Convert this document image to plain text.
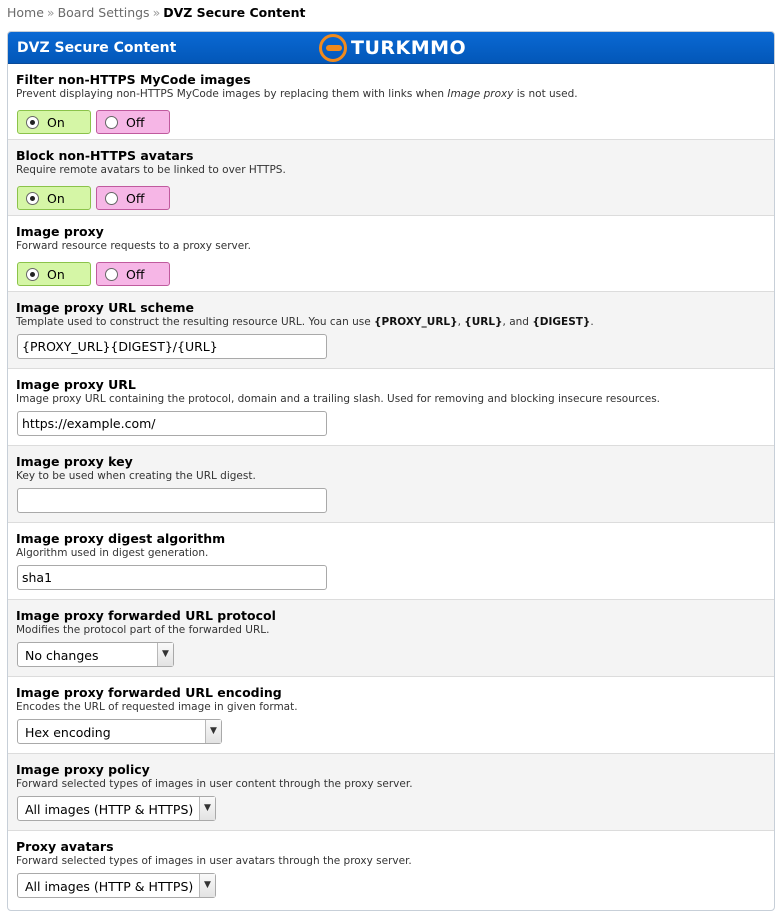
Home » Board Settings » DVZ Secure Content
DVZ Secure Content	TURKMMO
Filter non-HTTPS MyCode images
Prevent displaying non-HTTPS MyCode images by replacing them with links when Image proxy is not used.
On	Off
Block non-HTTPS avatars
Require remote avatars to be linked to over HTTPS.
On	Off
Image proxy
Forward resource requests to a proxy server.
On	Off
Image proxy URL scheme
Template used to construct the resulting resource URL. You can use {PROXY_URL}, {URL}, and {DIGEST}.
{PROXY_URL}{DIGEST}/{URL}
Image proxy URL
Image proxy URL containing the protocol, domain and a trailing slash. Used for removing and blocking insecure resources.
https://example.com/
Image proxy key
Key to be used when creating the URL digest.
Image proxy digest algorithm
Algorithm used in digest generation.
sha1
Image proxy forwarded URL protocol
Modifies the protocol part of the forwarded URL.
No changes	▼
Image proxy forwarded URL encoding
Encodes the URL of requested image in given format.
Hex encoding	▼
Image proxy policy
Forward selected types of images in user content through the proxy server.
All images (HTTP & HTTPS)	▼
Proxy avatars
Forward selected types of images in user avatars through the proxy server.
All images (HTTP & HTTPS)	▼
